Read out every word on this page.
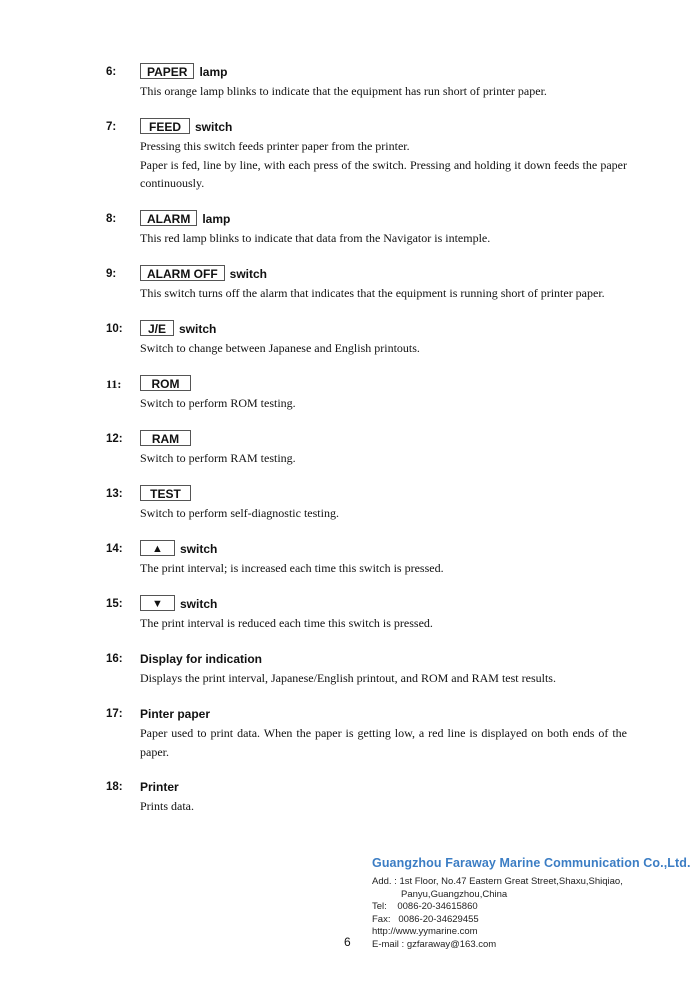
6:	PAPER lamp

This orange lamp blinks to indicate that the equipment has run short of printer paper.

7:	FEED switch

Pressing this switch feeds printer paper from the printer.

Paper is fed, line by line, with each press of the switch. Pressing and holding it down feeds the paper continuously.

8:	ALARM lamp

This red lamp blinks to indicate that data from the Navigator is intemple.

9:	ALARM OFF switch

This switch turns off the alarm that indicates that the equipment is running short of printer paper.

10:	J/E switch

Switch to change between Japanese and English printouts.

11:	ROM

Switch to perform ROM testing.

12:	RAM

Switch to perform RAM testing.

13:	TEST

Switch to perform self-diagnostic testing.

14:	▲ switch

The print interval; is increased each time this switch is pressed.

15:	▼ switch

The print interval is reduced each time this switch is pressed.

16: Display for indication

Displays the print interval, Japanese/English printout, and ROM and RAM test results.

17: Pinter paper

Paper used to print data. When the paper is getting low, a red line is displayed on both ends of the paper.

18: Printer

Prints data.

Guangzhou Faraway Marine Communication Co.,Ltd.
Add. : 1st Floor, No.47 Eastern Great Street,Shaxu,Shiqiao,
Panyu,Guangzhou,China
Tel:    0086-20-34615860
Fax:   0086-20-34629455
http://www.yymarine.com
E-mail : gzfaraway@163.com
6
